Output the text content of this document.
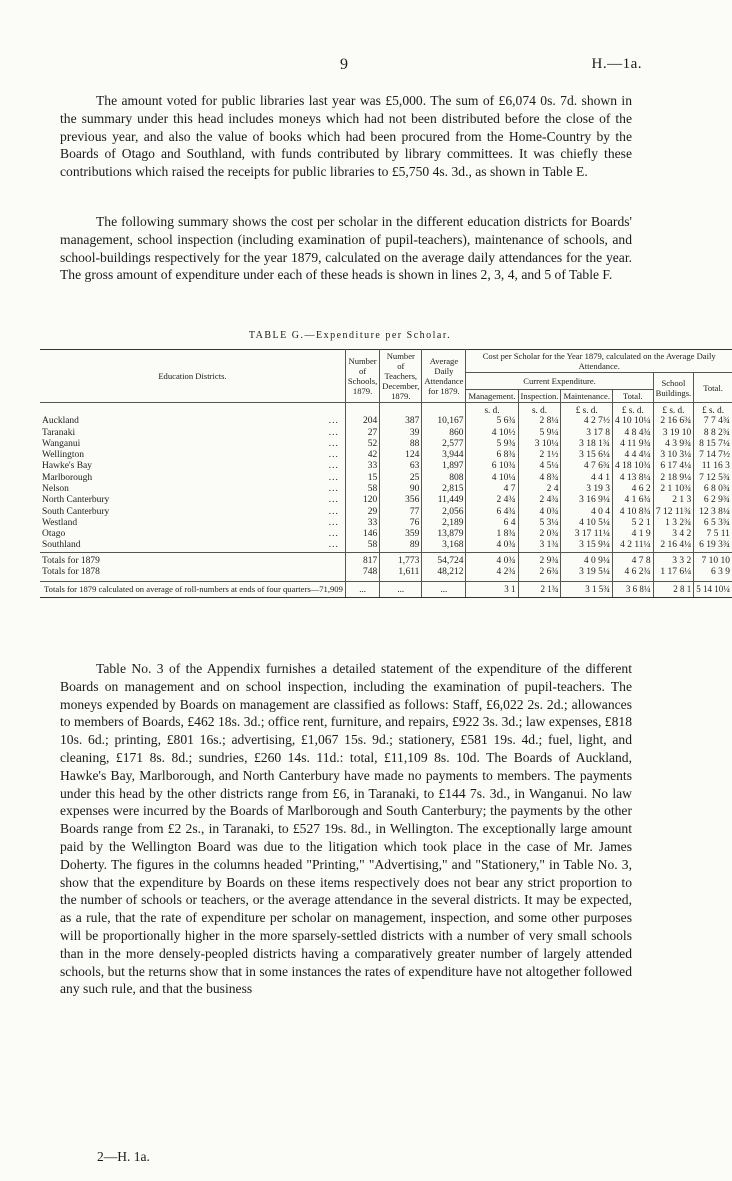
9	H.—1a.

The amount voted for public libraries last year was £5,000. The sum of £6,074 0s. 7d. shown in the summary under this head includes moneys which had not been distributed before the close of the previous year, and also the value of books which had been procured from the Home-Country by the Boards of Otago and Southland, with funds contributed by library committees. It was chiefly these contributions which raised the receipts for public libraries to £5,750 4s. 3d., as shown in Table E.

The following summary shows the cost per scholar in the different education districts for Boards' management, school inspection (including examination of pupil-teachers), maintenance of schools, and school-buildings respectively for the year 1879, calculated on the average daily attendances for the year. The gross amount of expenditure under each of these heads is shown in lines 2, 3, 4, and 5 of Table F.

TABLE G.—Expenditure per Scholar.
Education Districts.	Number of Schools, 1879.	Number of Teachers, December, 1879.	Average Daily Attendance for 1879.	Cost per Scholar for the Year 1879, calculated on the Average Daily Attendance.					
				Current Expenditure.				School Buildings.	Total.
				Management.	Inspection.	Maintenance.	Total.		
				s. d.	s. d.	£ s. d.	£ s. d.	£ s. d.	£ s. d.
Auckland ...	204	387	10,167	5 6¾	2 8¼	4 2 7½	4 10 10¼	2 16 6¾	7 7 4¾
Taranaki ...	27	39	860	4 10½	5 9¼	3 17 8	4 8 4¾	3 19 10	8 8 2¾
Wanganui ...	52	88	2,577	5 9¾	3 10¼	3 18 1¾	4 11 9¾	4 3 9¾	8 15 7¼
Wellington ...	42	124	3,944	6 8¾	2 1½	3 15 6¼	4 4 4¼	3 10 3¼	7 14 7½
Hawke's Bay ...	33	63	1,897	6 10¾	4 5¼	4 7 6¾	4 18 10¾	6 17 4¼	11 16 3
Marlborough ...	15	25	808	4 10¼	4 8¾	4 4 1	4 13 8¼	2 18 9¼	7 12 5¾
Nelson ...	58	90	2,815	4 7	2 4	3 19 3	4 6 2	2 1 10¾	6 8 0¾
North Canterbury ...	120	356	11,449	2 4¾	2 4¾	3 16 9¼	4 1 6¾	2 1 3	6 2 9¾
South Canterbury ...	29	77	2,056	6 4¾	4 0¾	4 0 4	4 10 8¾	7 12 11¾	12 3 8¼
Westland ...	33	76	2,189	6 4	5 3¼	4 10 5¼	5 2 1	1 3 2¾	6 5 3¾
Otago ...	146	359	13,879	1 8¾	2 0¾	3 17 11¼	4 1 9	3 4 2	7 5 11
Southland ...	58	89	3,168	4 0¾	3 1¾	3 15 9¼	4 2 11¼	2 16 4¼	6 19 3¾
Totals for 1879	817	1,773	54,724	4 0¾	2 9¾	4 0 9¼	4 7 8	3 3 2	7 10 10
Totals for 1878	748	1,611	48,212	4 2¾	2 6¾	3 19 5¼	4 6 2¾	1 17 6¼	6 3 9
Totals for 1879 calculated on average of roll-numbers at ends of four quarters—71,909	...	...	...	3 1	2 1¾	3 1 5¾	3 6 8¼	2 8 1	5 14 10¼

Table No. 3 of the Appendix furnishes a detailed statement of the expenditure of the different Boards on management and on school inspection, including the examination of pupil-teachers. The moneys expended by Boards on management are classified as follows: Staff, £6,022 2s. 2d.; allowances to members of Boards, £462 18s. 3d.; office rent, furniture, and repairs, £922 3s. 3d.; law expenses, £818 10s. 6d.; printing, £801 16s.; advertising, £1,067 15s. 9d.; stationery, £581 19s. 4d.; fuel, light, and cleaning, £171 8s. 8d.; sundries, £260 14s. 11d.: total, £11,109 8s. 10d. The Boards of Auckland, Hawke's Bay, Marlborough, and North Canterbury have made no payments to members. The payments under this head by the other districts range from £6, in Taranaki, to £144 7s. 3d., in Wanganui. No law expenses were incurred by the Boards of Marlborough and South Canterbury; the payments by the other Boards range from £2 2s., in Taranaki, to £527 19s. 8d., in Wellington. The exceptionally large amount paid by the Wellington Board was due to the litigation which took place in the case of Mr. James Doherty. The figures in the columns headed "Printing," "Advertising," and "Stationery," in Table No. 3, show that the expenditure by Boards on these items respectively does not bear any strict proportion to the number of schools or teachers, or the average attendance in the several districts. It may be expected, as a rule, that the rate of expenditure per scholar on management, inspection, and some other purposes will be proportionally higher in the more sparsely-settled districts with a number of very small schools than in the more densely-peopled districts having a comparatively greater number of largely attended schools, but the returns show that in some instances the rates of expenditure have not altogether followed any such rule, and that the business

2—H. 1a.
